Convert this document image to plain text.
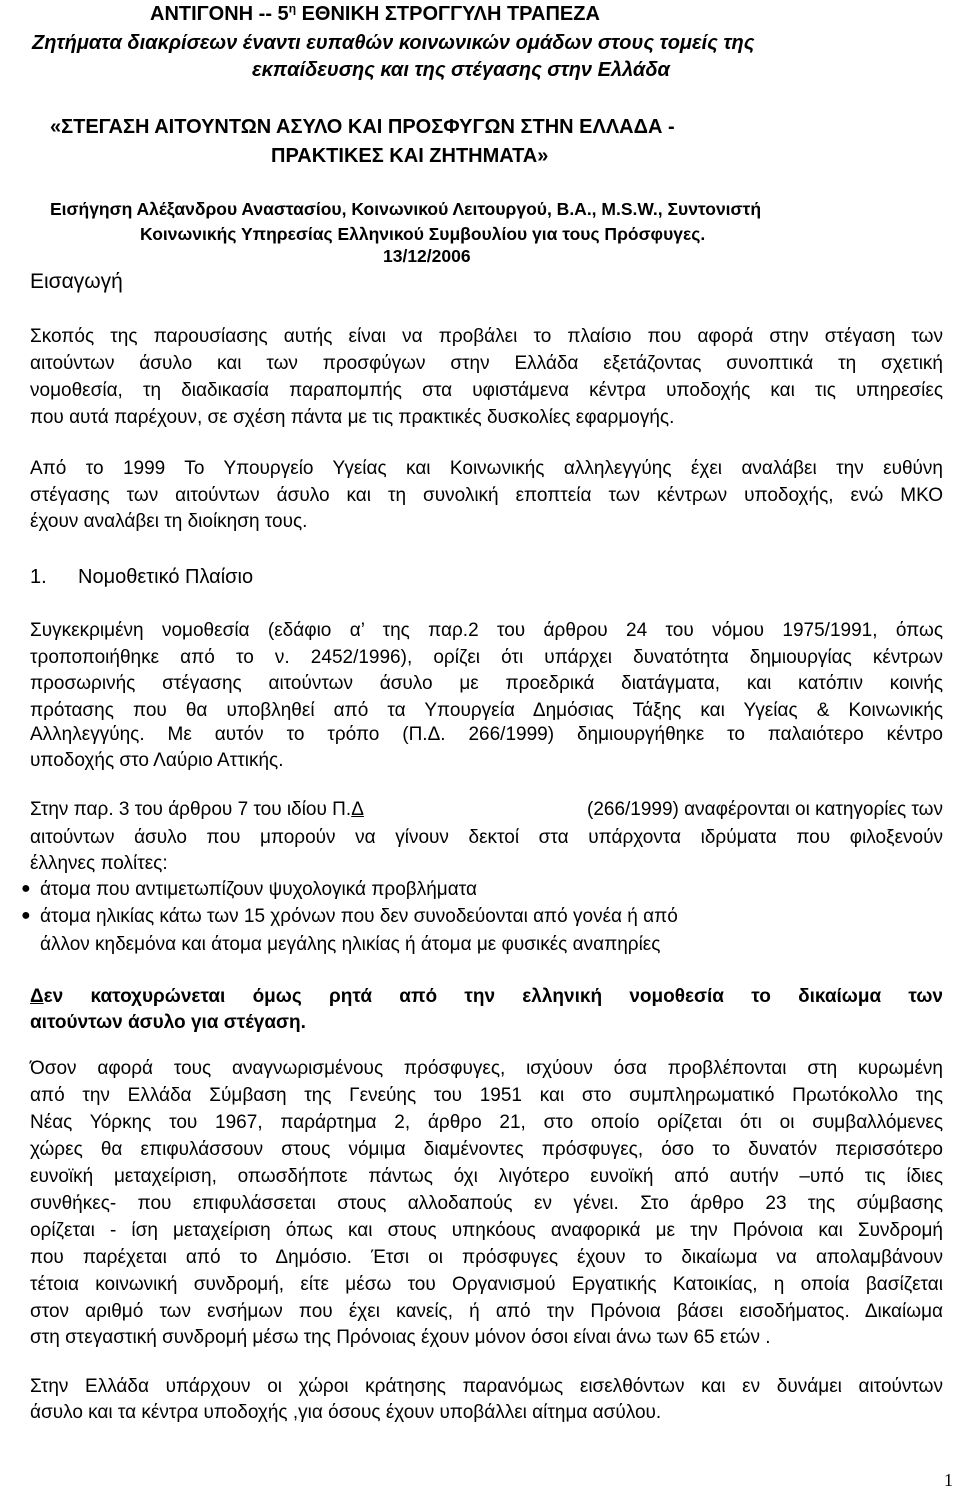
ΑΝΤΙΓΟΝΗ -- $5^\eta$ ΕΘΝΙΚΗ ΣΤΡΟΓΓΥΛΗ ΤΡΑΠΕΖΑ
Ζητήματα διακρίσεων έναντι ευπαθών κοινωνικών ομάδων στους τομείς της
εκπαίδευσης και της στέγασης στην Ελλάδα
«ΣΤΕΓΑΣΗ ΑΙΤΟΥΝΤΩΝ ΑΣΥΛΟ ΚΑΙ ΠΡΟΣΦΥΓΩΝ ΣΤΗΝ ΕΛΛΑΔΑ -
ΠΡΑΚΤΙΚΕΣ ΚΑΙ ΖΗΤΗΜΑΤΑ»
Εισήγηση Αλέξανδρου Αναστασίου, Κοινωνικού Λειτουργού, B.A., M.S.W., Συντονιστή
Κοινωνικής Υπηρεσίας Ελληνικού Συμβουλίου για τους Πρόσφυγες.
13/12/2006
Εισαγωγή
Σκοπός της παρουσίασης αυτής είναι να προβάλει το πλαίσιο που αφορά στην στέγαση των
αιτούντων άσυλο και των προσφύγων στην Ελλάδα εξετάζοντας συνοπτικά τη σχετική
νομοθεσία, τη διαδικασία παραπομπής στα υφιστάμενα κέντρα υποδοχής και τις υπηρεσίες
που αυτά παρέχουν, σε σχέση πάντα με τις πρακτικές δυσκολίες εφαρμογής.
Από το 1999 Το Υπουργείο Υγείας και Κοινωνικής αλληλεγγύης έχει αναλάβει την ευθύνη
στέγασης των αιτούντων άσυλο και τη συνολική εποπτεία των κέντρων υποδοχής, ενώ ΜΚΟ
έχουν αναλάβει τη διοίκηση τους.
1. Νομοθετικό Πλαίσιο
Συγκεκριμένη νομοθεσία (εδάφιο α’ της παρ.2 του άρθρου 24 του νόμου 1975/1991, όπως
τροποποιήθηκε από το ν. 2452/1996), ορίζει ότι υπάρχει δυνατότητα δημιουργίας κέντρων
προσωρινής στέγασης αιτούντων άσυλο με προεδρικά διατάγματα, και κατόπιν κοινής
πρότασης που θα υποβληθεί από τα Υπουργεία Δημόσιας Τάξης και Υγείας & Κοινωνικής
Αλληλεγγύης. Με αυτόν το τρόπο (Π.Δ. 266/1999) δημιουργήθηκε το παλαιότερο κέντρο
υποδοχής στο Λαύριο Αττικής.
Στην παρ. 3 του άρθρου 7 του ιδίου Π.Δ	(266/1999) αναφέρονται οι κατηγορίες των
αιτούντων άσυλο που μπορούν να γίνουν δεκτοί στα υπάρχοντα ιδρύματα που φιλοξενούν
έλληνες πολίτες:
● άτομα που αντιμετωπίζουν ψυχολογικά προβλήματα
● άτομα ηλικίας κάτω των 15 χρόνων που δεν συνοδεύονται από γονέα ή από
άλλον κηδεμόνα και άτομα μεγάλης ηλικίας ή άτομα με φυσικές αναπηρίες
Δεν κατοχυρώνεται όμως ρητά από την ελληνική νομοθεσία το δικαίωμα των
αιτούντων άσυλο για στέγαση.
Όσον αφορά τους αναγνωρισμένους πρόσφυγες, ισχύουν όσα προβλέπονται στη κυρωμένη
από την Ελλάδα Σύμβαση της Γενεύης του 1951 και στο συμπληρωματικό Πρωτόκολλο της
Νέας Υόρκης του 1967, παράρτημα 2, άρθρο 21, στο οποίο ορίζεται ότι οι συμβαλλόμενες
χώρες θα επιφυλάσσουν στους νόμιμα διαμένοντες πρόσφυγες, όσο το δυνατόν περισσότερο
ευνοϊκή μεταχείριση, οπωσδήποτε πάντως όχι λιγότερο ευνοϊκή από αυτήν –υπό τις ίδιες
συνθήκες- που επιφυλάσσεται στους αλλοδαπούς εν γένει. Στο άρθρο 23 της σύμβασης
ορίζεται - ίση μεταχείριση όπως και στους υπηκόους αναφορικά με την Πρόνοια και Συνδρομή
που παρέχεται από το Δημόσιο. Έτσι οι πρόσφυγες έχουν το δικαίωμα να απολαμβάνουν
τέτοια κοινωνική συνδρομή, είτε μέσω του Οργανισμού Εργατικής Κατοικίας, η οποία βασίζεται
στον αριθμό των ενσήμων που έχει κανείς, ή από την Πρόνοια βάσει εισοδήματος. Δικαίωμα
στη στεγαστική συνδρομή μέσω της Πρόνοιας έχουν μόνον όσοι είναι άνω των 65 ετών .
Στην Ελλάδα υπάρχουν οι χώροι κράτησης παρανόμως εισελθόντων και εν δυνάμει αιτούντων
άσυλο και τα κέντρα υποδοχής ,για όσους έχουν υποβάλλει αίτημα ασύλου.
1
